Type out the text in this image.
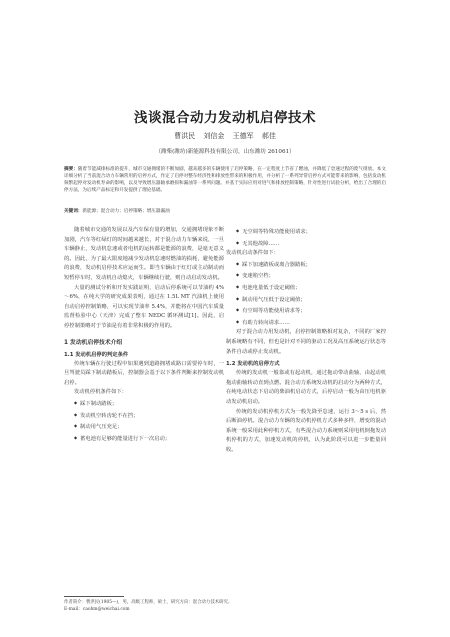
浅谈混合动力发动机启停技术
曹洪民 刘信金 王德军 郝佳
（潍柴(潍坊)新能源科技有限公司，山东潍坊 261061）
摘要：随着节能减排标准的提升，城市交通拥堵的不断加剧，越来越多的车辆使用了启停策略，在一定程度上节省了燃油，并降低了怠速过程的废气排放。本文详细分析了当前混合动力车辆常用的启停方式，作定了启停对整车经济性和排放性带来的积极作用，并分析了一系列异常启停方式可能带来的影响，包括发动机频繁起停对发动机寿命的影响，以及导致增压器轴承磨损和漏油等一系列问题。并基于实际应用对进气和排放控制策略，针对性进行试验分析，给出了合理的启停方法，为后续产品标定和开发提供了理论基础。
关键词：新能源；混合动力；启停策略；增压器漏油

随着城市交通的发展以及汽车保有量的增加，交通拥堵现象不断加剧，汽车等红绿灯的时间越来越长，对于混合动力车辆来说，一旦车辆静止，发动机怠速或者电机的运转都是能源的浪费，是毫无意义的。因此，为了最大限度地减少发动机怠速时燃油的损耗，避免能源的浪费，发动机启停技术应运而生。即当车辆由于红灯或主动制动而短暂停车时，发动机自动熄火，车辆继续行驶，则自动启动发动机。

大量的测试分析和开发实践证明，启动后停系统可以节油约 4%～6%，在纯大学的研究成果表明，通过在 1.5L MT 汽油机上使用自动启停控制策略，可以实现节油率 5.4%，并能将在中国汽车质量监督检验中心（天津）完成了整车 NEDC 循环测试[1]。因此，启停控制策略对于节油是有着非常积极的作用的。

1 发动机启停技术介绍
1.1 发动机启停的判定条件

传统车辆在行驶过程中如果遇到道路拥堵或路口需要停车时，一旦驾驶员踩下制动踏板后，控制器会基于以下条件判断来控制发动机启停。

发动机停机条件如下：

◆ 踩下制动踏板；
◆ 发动机空转齿轮不在挡；
◆ 制动用气压充足；
◆ 蓄电池有足够的能量进行下一次启动；
◆ 无空调等特殊功能使用请求；
◆ 无其他故障……

发动机启动条件如下：

◆ 踩下加速踏板或离合器踏板；
◆ 变速箱空档；
◆ 电池电量低于设定阈值；
◆ 制动用气压低于设定阈值；
◆ 有空调等功能使用请求等；
◆ 有助力转向请求……

对于混合动力用发动机，启停控制策略相对复杂，不同的厂家控制系统略有不同，但也是针对不同的驱动工况及高压系统运行状态等条件自动或停止发动机。

1.2 发动机的启停方式

传统的发动机一般靠或有起动机，通过拖动带动曲轴，由起动机拖动曲轴转动直到点燃。混合动力系统发动机的启动分为两种方式，在纯电动状态下启动的柴油机启动方式，后停启动一般为由压电机驱动发动机启动。

传统的发动机停机方式为一般先降至怠速，运行 3～5 s 后，然后断油停机。混合动力车辆的发动机停机方式多种多样，增变的混动系统一般采用此种停机方式，有些混合动力系统则采用电机倒拖发动机停机的方式，加速发动机的停机，认为此阶段可以进一步能量回收。

作者简介：曹洪民(1985—)，男，高级工程师，硕士，研究方向：混合动力技术研究。
E-mail：caohm@weichai.com
